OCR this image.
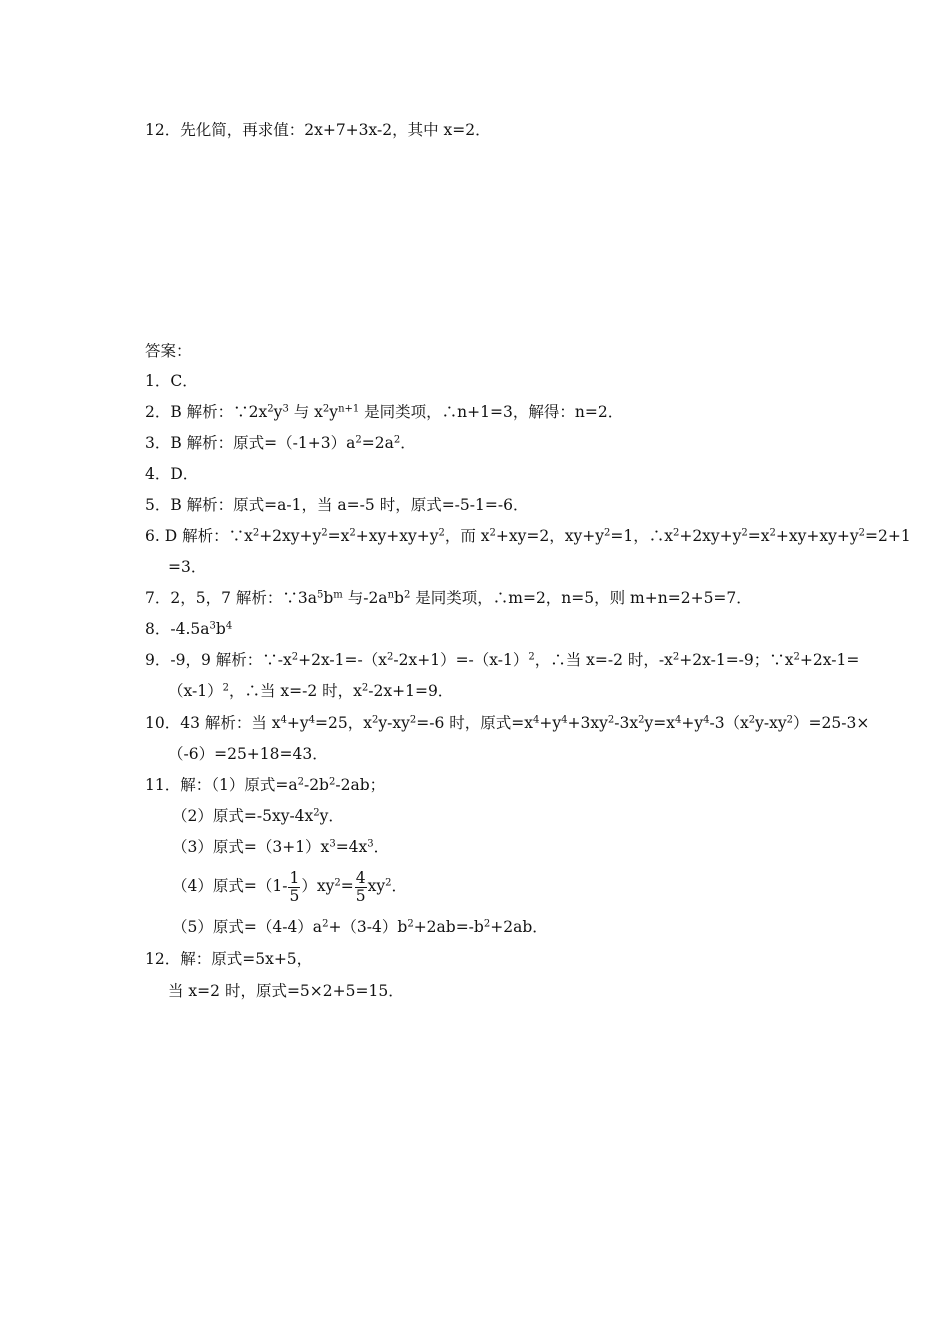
12．先化简，再求值：2x+7+3x-2，其中 x=2．
答案：
1．C．
2．B 解析：$\because 2x^2y^3$ 与 $x^2y^{n+1}$ 是同类项，∴n+1=3，解得：n=2．
3．B 解析：原式$=(-1+3)a^2=2a^2$．
4．D．
5．B 解析：原式=a-1，当 a=-5 时，原式=-5-1=-6．
6. D 解析：$\because x^2+2xy+y^2=x^2+xy+xy+y^2$，而 $x^2+xy=2$，$xy+y^2=1$，$\therefore x^2+2xy+y^2=x^2+xy+xy+y^2=2+1$
=3．
7．2，5，7 解析：$\because 3a^5b^m$ 与$-2a^nb^2$ 是同类项，∴m=2，n=5，则 m+n=2+5=7．
8．$-4.5a^3b^4$
9．-9，9 解析：$\because-x^2+2x-1=-(x^2-2x+1)=-(x-1)^2$，∴当 x=-2 时，$-x^2+2x-1=-9$；$\because x^2+2x-1=$
$(x-1)^2$，∴当 x=-2 时，$x^2-2x+1=9$．
10．43 解析：当 $x^4+y^4=25$，$x^2y-xy^2=-6$ 时，原式$=x^4+y^4+3xy^2-3x^2y=x^4+y^4-3(x^2y-xy^2)=25-3\times$
（-6）=25+18=43．
11．解：（1）原式$=a^2-2b^2-2ab$；
（2）原式$=-5xy-4x^2y$．
（3）原式$=(3+1)x^3=4x^3$．
（4）原式$=(1- \frac{1}{5} )xy^2= \frac{4}{5} xy^2$．
（5）原式$=(4-4)a^2+(3-4)b^2+2ab=-b^2+2ab$．
12．解：原式=5x+5，
当 x=2 时，原式=5×2+5=15．
